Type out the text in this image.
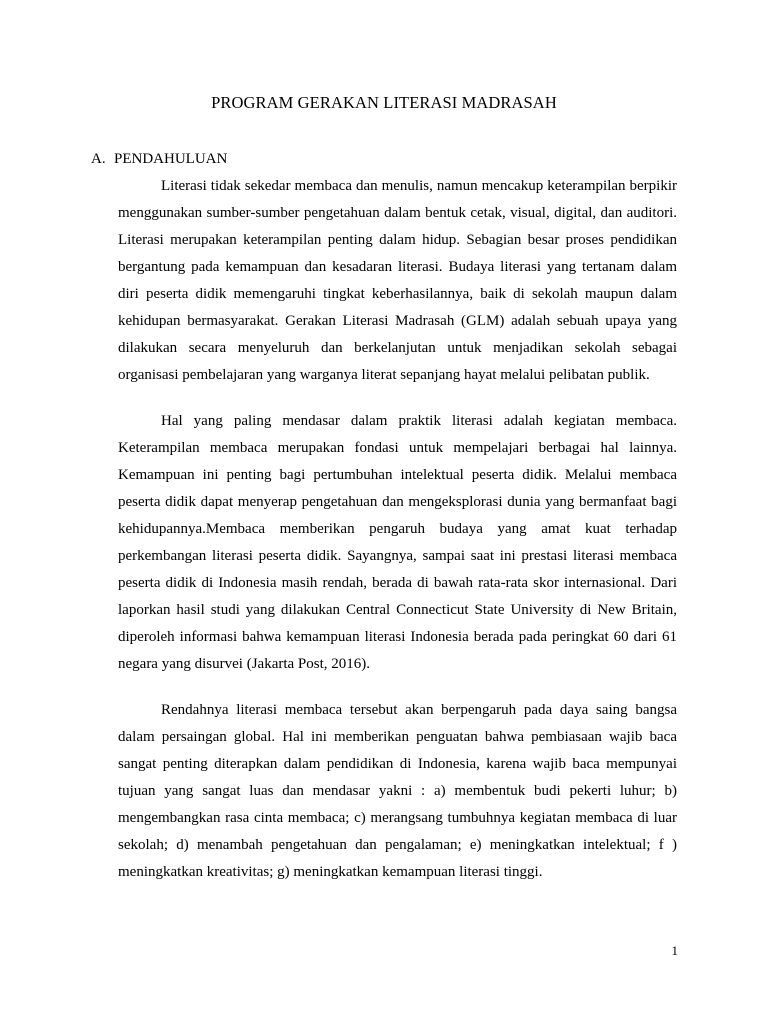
PROGRAM GERAKAN LITERASI MADRASAH
A. PENDAHULUAN

Literasi tidak sekedar membaca dan menulis, namun mencakup keterampilan berpikir menggunakan sumber-sumber pengetahuan dalam bentuk cetak, visual, digital, dan auditori. Literasi merupakan keterampilan penting dalam hidup. Sebagian besar proses pendidikan bergantung pada kemampuan dan kesadaran literasi. Budaya literasi yang tertanam dalam diri peserta didik memengaruhi tingkat keberhasilannya, baik di sekolah maupun dalam kehidupan bermasyarakat. Gerakan Literasi Madrasah (GLM) adalah sebuah upaya yang dilakukan secara menyeluruh dan berkelanjutan untuk menjadikan sekolah sebagai organisasi pembelajaran yang warganya literat sepanjang hayat melalui pelibatan publik.

Hal yang paling mendasar dalam praktik literasi adalah kegiatan membaca. Keterampilan membaca merupakan fondasi untuk mempelajari berbagai hal lainnya. Kemampuan ini penting bagi pertumbuhan intelektual peserta didik. Melalui membaca peserta didik dapat menyerap pengetahuan dan mengeksplorasi dunia yang bermanfaat bagi kehidupannya.Membaca memberikan pengaruh budaya yang amat kuat terhadap perkembangan literasi peserta didik. Sayangnya, sampai saat ini prestasi literasi membaca peserta didik di Indonesia masih rendah, berada di bawah rata-rata skor internasional. Dari laporkan hasil studi yang dilakukan Central Connecticut State University di New Britain, diperoleh informasi bahwa kemampuan literasi Indonesia berada pada peringkat 60 dari 61 negara yang disurvei (Jakarta Post, 2016).

Rendahnya literasi membaca tersebut akan berpengaruh pada daya saing bangsa dalam persaingan global. Hal ini memberikan penguatan bahwa pembiasaan wajib baca sangat penting diterapkan dalam pendidikan di Indonesia, karena wajib baca mempunyai tujuan yang sangat luas dan mendasar yakni : a) membentuk budi pekerti luhur; b) mengembangkan rasa cinta membaca; c) merangsang tumbuhnya kegiatan membaca di luar sekolah; d) menambah pengetahuan dan pengalaman; e) meningkatkan intelektual; f ) meningkatkan kreativitas; g) meningkatkan kemampuan literasi tinggi.

1
